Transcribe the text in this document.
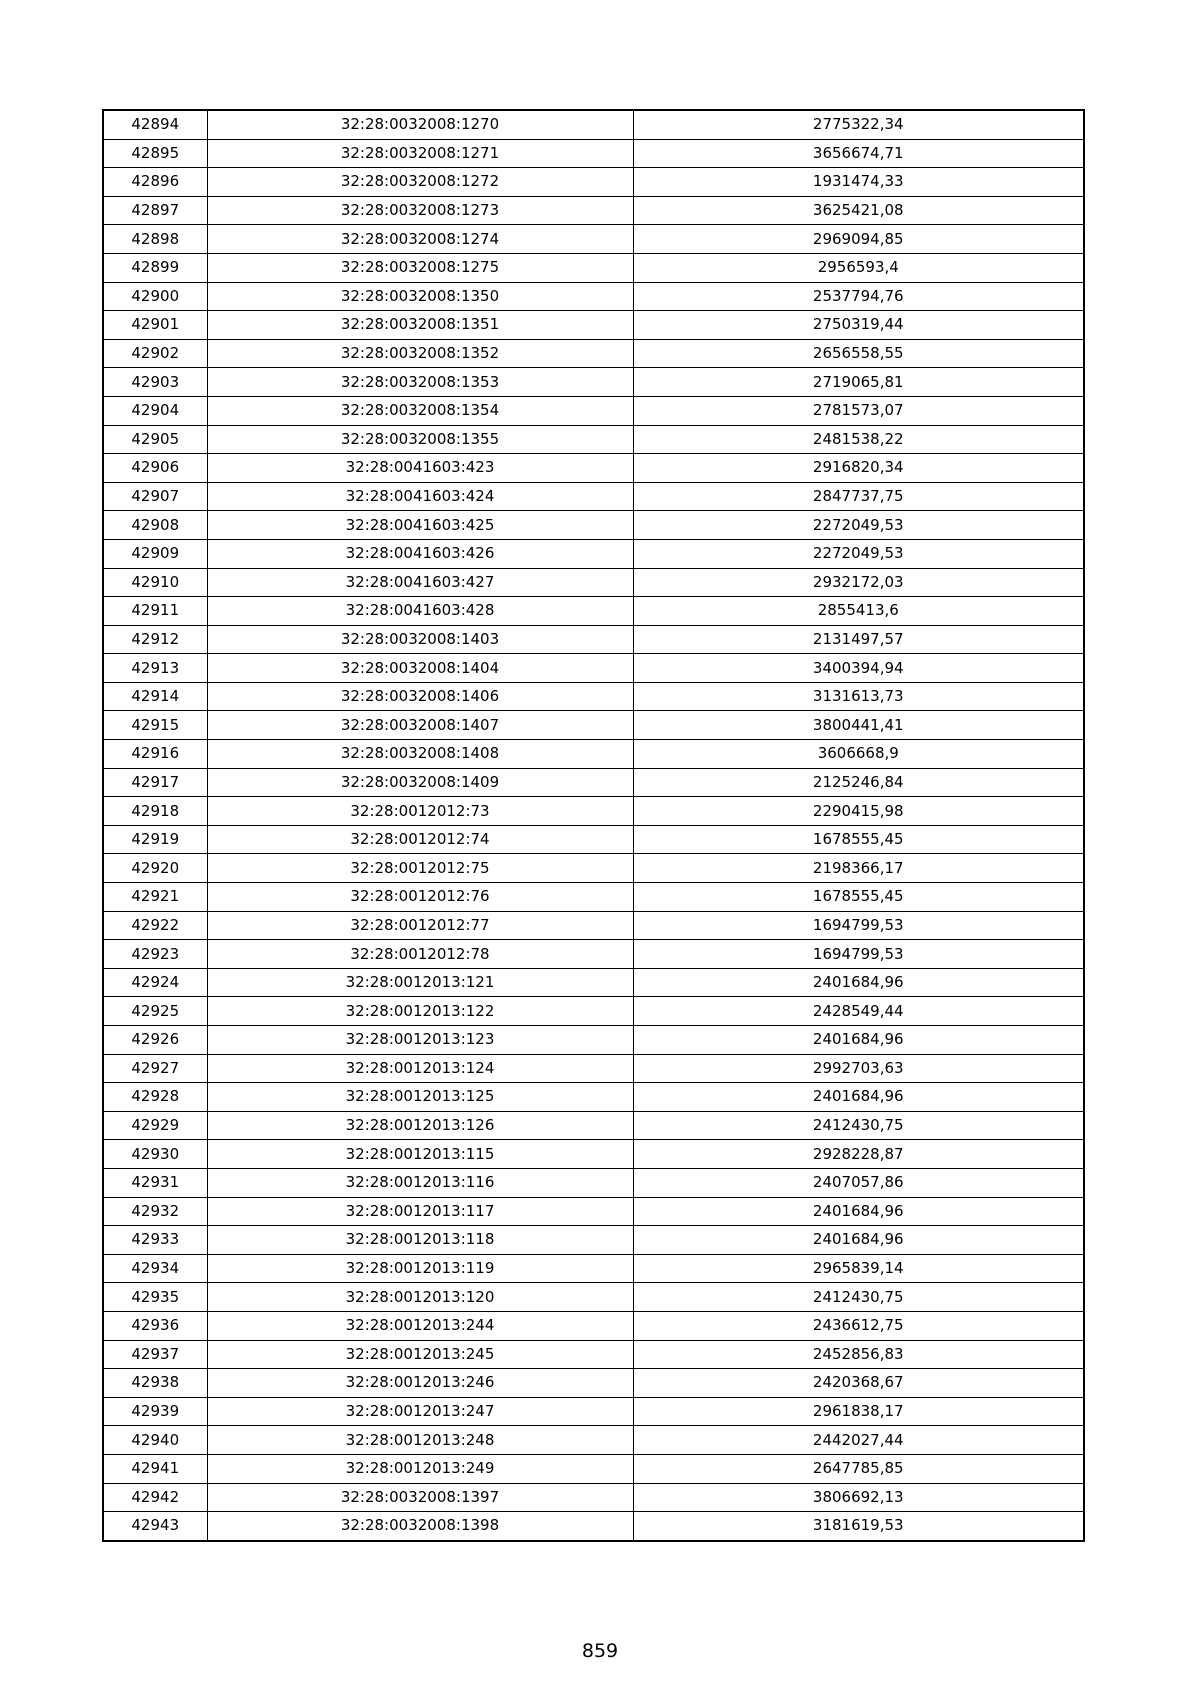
42894	32:28:0032008:1270	2775322,34
42895	32:28:0032008:1271	3656674,71
42896	32:28:0032008:1272	1931474,33
42897	32:28:0032008:1273	3625421,08
42898	32:28:0032008:1274	2969094,85
42899	32:28:0032008:1275	2956593,4
42900	32:28:0032008:1350	2537794,76
42901	32:28:0032008:1351	2750319,44
42902	32:28:0032008:1352	2656558,55
42903	32:28:0032008:1353	2719065,81
42904	32:28:0032008:1354	2781573,07
42905	32:28:0032008:1355	2481538,22
42906	32:28:0041603:423	2916820,34
42907	32:28:0041603:424	2847737,75
42908	32:28:0041603:425	2272049,53
42909	32:28:0041603:426	2272049,53
42910	32:28:0041603:427	2932172,03
42911	32:28:0041603:428	2855413,6
42912	32:28:0032008:1403	2131497,57
42913	32:28:0032008:1404	3400394,94
42914	32:28:0032008:1406	3131613,73
42915	32:28:0032008:1407	3800441,41
42916	32:28:0032008:1408	3606668,9
42917	32:28:0032008:1409	2125246,84
42918	32:28:0012012:73	2290415,98
42919	32:28:0012012:74	1678555,45
42920	32:28:0012012:75	2198366,17
42921	32:28:0012012:76	1678555,45
42922	32:28:0012012:77	1694799,53
42923	32:28:0012012:78	1694799,53
42924	32:28:0012013:121	2401684,96
42925	32:28:0012013:122	2428549,44
42926	32:28:0012013:123	2401684,96
42927	32:28:0012013:124	2992703,63
42928	32:28:0012013:125	2401684,96
42929	32:28:0012013:126	2412430,75
42930	32:28:0012013:115	2928228,87
42931	32:28:0012013:116	2407057,86
42932	32:28:0012013:117	2401684,96
42933	32:28:0012013:118	2401684,96
42934	32:28:0012013:119	2965839,14
42935	32:28:0012013:120	2412430,75
42936	32:28:0012013:244	2436612,75
42937	32:28:0012013:245	2452856,83
42938	32:28:0012013:246	2420368,67
42939	32:28:0012013:247	2961838,17
42940	32:28:0012013:248	2442027,44
42941	32:28:0012013:249	2647785,85
42942	32:28:0032008:1397	3806692,13
42943	32:28:0032008:1398	3181619,53
859
